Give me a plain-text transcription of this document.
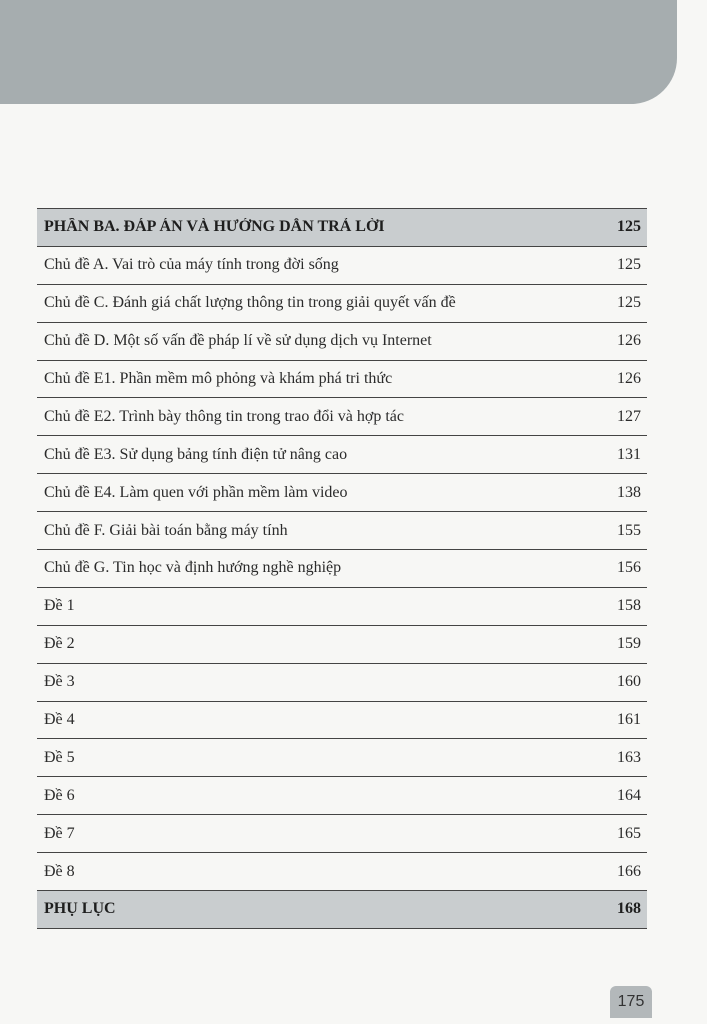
PHẦN BA. ĐÁP ÁN VÀ HƯỚNG DẪN TRẢ LỜI	125
Chủ đề A. Vai trò của máy tính trong đời sống	125
Chủ đề C. Đánh giá chất lượng thông tin trong giải quyết vấn đề	125
Chủ đề D. Một số vấn đề pháp lí về sử dụng dịch vụ Internet	126
Chủ đề E1. Phần mềm mô phỏng và khám phá tri thức	126
Chủ đề E2. Trình bày thông tin trong trao đổi và hợp tác	127
Chủ đề E3. Sử dụng bảng tính điện tử nâng cao	131
Chủ đề E4. Làm quen với phần mềm làm video	138
Chủ đề F. Giải bài toán bằng máy tính	155
Chủ đề G. Tin học và định hướng nghề nghiệp	156
Đề 1	158
Đề 2	159
Đề 3	160
Đề 4	161
Đề 5	163
Đề 6	164
Đề 7	165
Đề 8	166
PHỤ LỤC	168
175
